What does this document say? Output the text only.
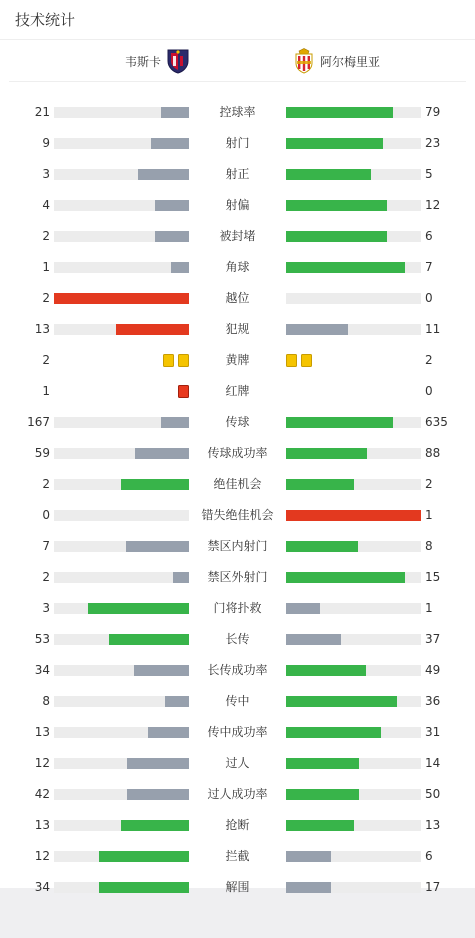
技术统计
韦斯卡	阿尔梅里亚
21	控球率	79
9	射门	23
3	射正	5
4	射偏	12
2	被封堵	6
1	角球	7
2	越位	0
13	犯规	11
2	黄牌	2
1	红牌	0
167	传球	635
59	传球成功率	88
2	绝佳机会	2
0	错失绝佳机会	1
7	禁区内射门	8
2	禁区外射门	15
3	门将扑救	1
53	长传	37
34	长传成功率	49
8	传中	36
13	传中成功率	31
12	过人	14
42	过人成功率	50
13	抢断	13
12	拦截	6
34	解围	17
